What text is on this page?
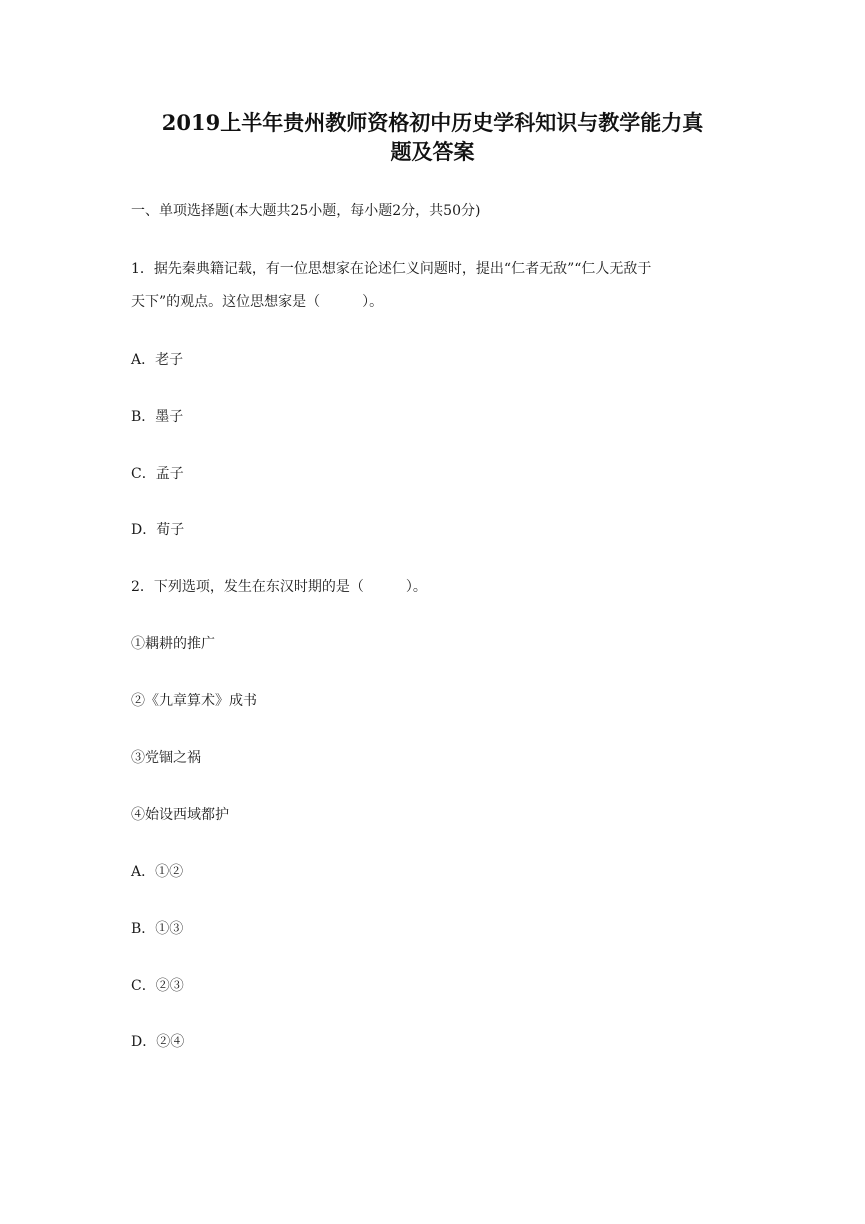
2019上半年贵州教师资格初中历史学科知识与教学能力真
题及答案

一、单项选择题(本大题共25小题，每小题2分，共50分)

1．据先秦典籍记载，有一位思想家在论述仁义问题时，提出“仁者无敌”“仁人无敌于

天下”的观点。这位思想家是（　　　）。

A．老子

B．墨子

C．孟子

D．荀子

2．下列选项，发生在东汉时期的是（　　　）。

①耦耕的推广

②《九章算术》成书

③党锢之祸

④始设西域都护

A．①②

B．①③

C．②③

D．②④
